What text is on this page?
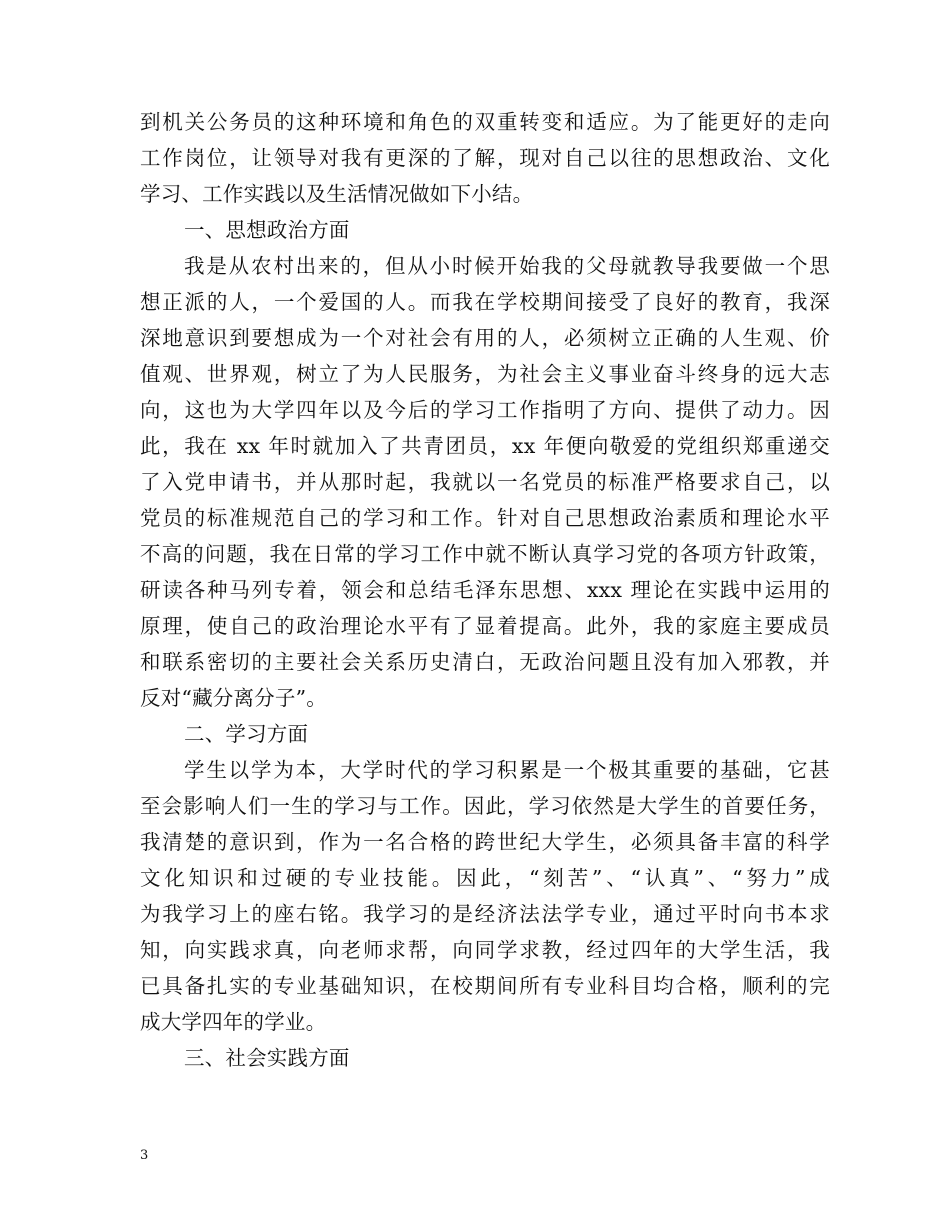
到机关公务员的这种环境和角色的双重转变和适应。为了能更好的走向
工作岗位，让领导对我有更深的了解，现对自己以往的思想政治、文化
学习、工作实践以及生活情况做如下小结。
一、思想政治方面
我是从农村出来的，但从小时候开始我的父母就教导我要做一个思
想正派的人，一个爱国的人。而我在学校期间接受了良好的教育，我深
深地意识到要想成为一个对社会有用的人，必须树立正确的人生观、价
值观、世界观，树立了为人民服务，为社会主义事业奋斗终身的远大志
向，这也为大学四年以及今后的学习工作指明了方向、提供了动力。因
此，我在 xx 年时就加入了共青团员，xx 年便向敬爱的党组织郑重递交
了入党申请书，并从那时起，我就以一名党员的标准严格要求自己，以
党员的标准规范自己的学习和工作。针对自己思想政治素质和理论水平
不高的问题，我在日常的学习工作中就不断认真学习党的各项方针政策，
研读各种马列专着，领会和总结毛泽东思想、xxx 理论在实践中运用的
原理，使自己的政治理论水平有了显着提高。此外，我的家庭主要成员
和联系密切的主要社会关系历史清白，无政治问题且没有加入邪教，并
反对“藏分离分子”。
二、学习方面
学生以学为本，大学时代的学习积累是一个极其重要的基础，它甚
至会影响人们一生的学习与工作。因此，学习依然是大学生的首要任务，
我清楚的意识到，作为一名合格的跨世纪大学生，必须具备丰富的科学
文化知识和过硬的专业技能。因此，“刻苦”、“认真”、“努力”成
为我学习上的座右铭。我学习的是经济法法学专业，通过平时向书本求
知，向实践求真，向老师求帮，向同学求教，经过四年的大学生活，我
已具备扎实的专业基础知识，在校期间所有专业科目均合格，顺利的完
成大学四年的学业。
三、社会实践方面
3
